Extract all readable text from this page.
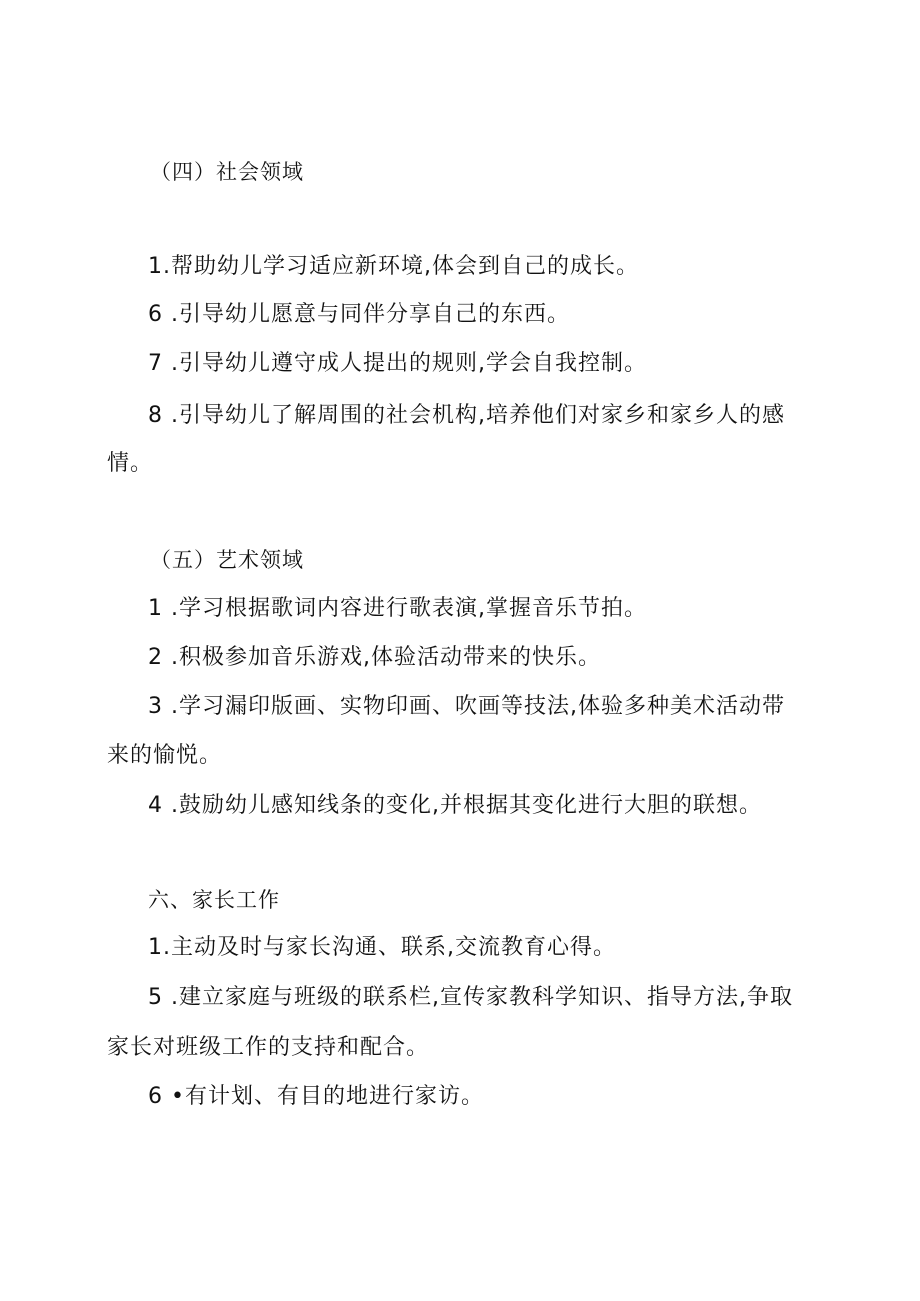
（四）社会领域
1.帮助幼儿学习适应新环境,体会到自己的成长。
6 .引导幼儿愿意与同伴分享自己的东西。
7 .引导幼儿遵守成人提出的规则,学会自我控制。
8 .引导幼儿了解周围的社会机构,培养他们对家乡和家乡人的感
情。
（五）艺术领域
1 .学习根据歌词内容进行歌表演,掌握音乐节拍。
2 .积极参加音乐游戏,体验活动带来的快乐。
3 .学习漏印版画、实物印画、吹画等技法,体验多种美术活动带
来的愉悦。
4 .鼓励幼儿感知线条的变化,并根据其变化进行大胆的联想。
六、家长工作
1.主动及时与家长沟通、联系,交流教育心得。
5 .建立家庭与班级的联系栏,宣传家教科学知识、指导方法,争取
家长对班级工作的支持和配合。
6 •有计划、有目的地进行家访。
